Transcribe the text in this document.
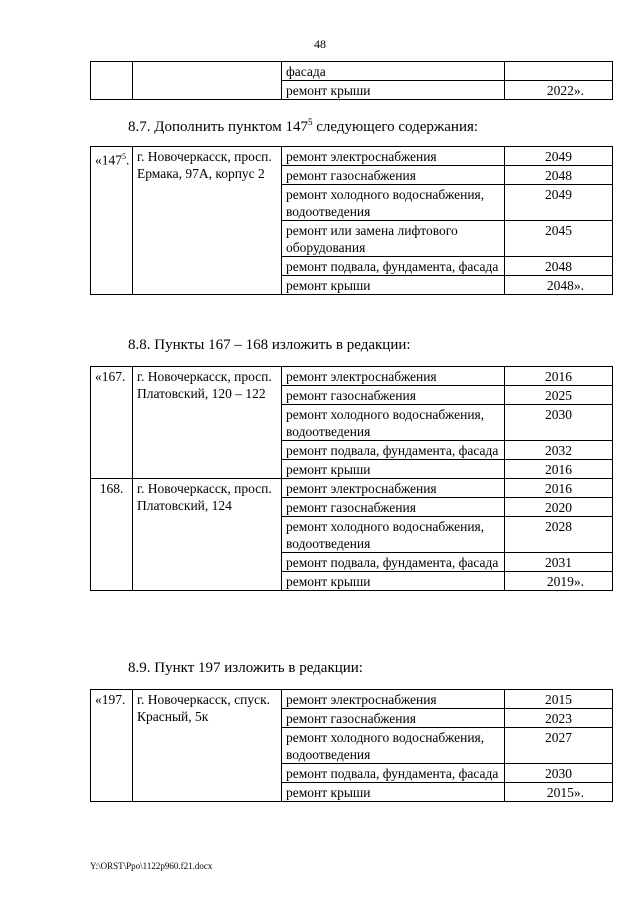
48
		фасада	
		ремонт крыши	2022».
8.7. Дополнить пунктом $147^5$ следующего содержания:
«$147^5$.	г. Новочеркасск, просп. Ермака, 97А, корпус 2	ремонт электроснабжения	2049
		ремонт газоснабжения	2048
		ремонт холодного водоснабжения, водоотведения	2049
		ремонт или замена лифтового оборудования	2045
		ремонт подвала, фундамента, фасада	2048
		ремонт крыши	2048».
8.8. Пункты 167 – 168 изложить в редакции:
«167.	г. Новочеркасск, просп. Платовский, 120 – 122	ремонт электроснабжения	2016
		ремонт газоснабжения	2025
		ремонт холодного водоснабжения, водоотведения	2030
		ремонт подвала, фундамента, фасада	2032
		ремонт крыши	2016
168.	г. Новочеркасск, просп. Платовский, 124	ремонт электроснабжения	2016
		ремонт газоснабжения	2020
		ремонт холодного водоснабжения, водоотведения	2028
		ремонт подвала, фундамента, фасада	2031
		ремонт крыши	2019».
8.9. Пункт 197 изложить в редакции:
«197.	г. Новочеркасск, спуск. Красный, 5к	ремонт электроснабжения	2015
		ремонт газоснабжения	2023
		ремонт холодного водоснабжения, водоотведения	2027
		ремонт подвала, фундамента, фасада	2030
		ремонт крыши	2015».
Y:\ORST\Ppo\1122p960.f21.docx
